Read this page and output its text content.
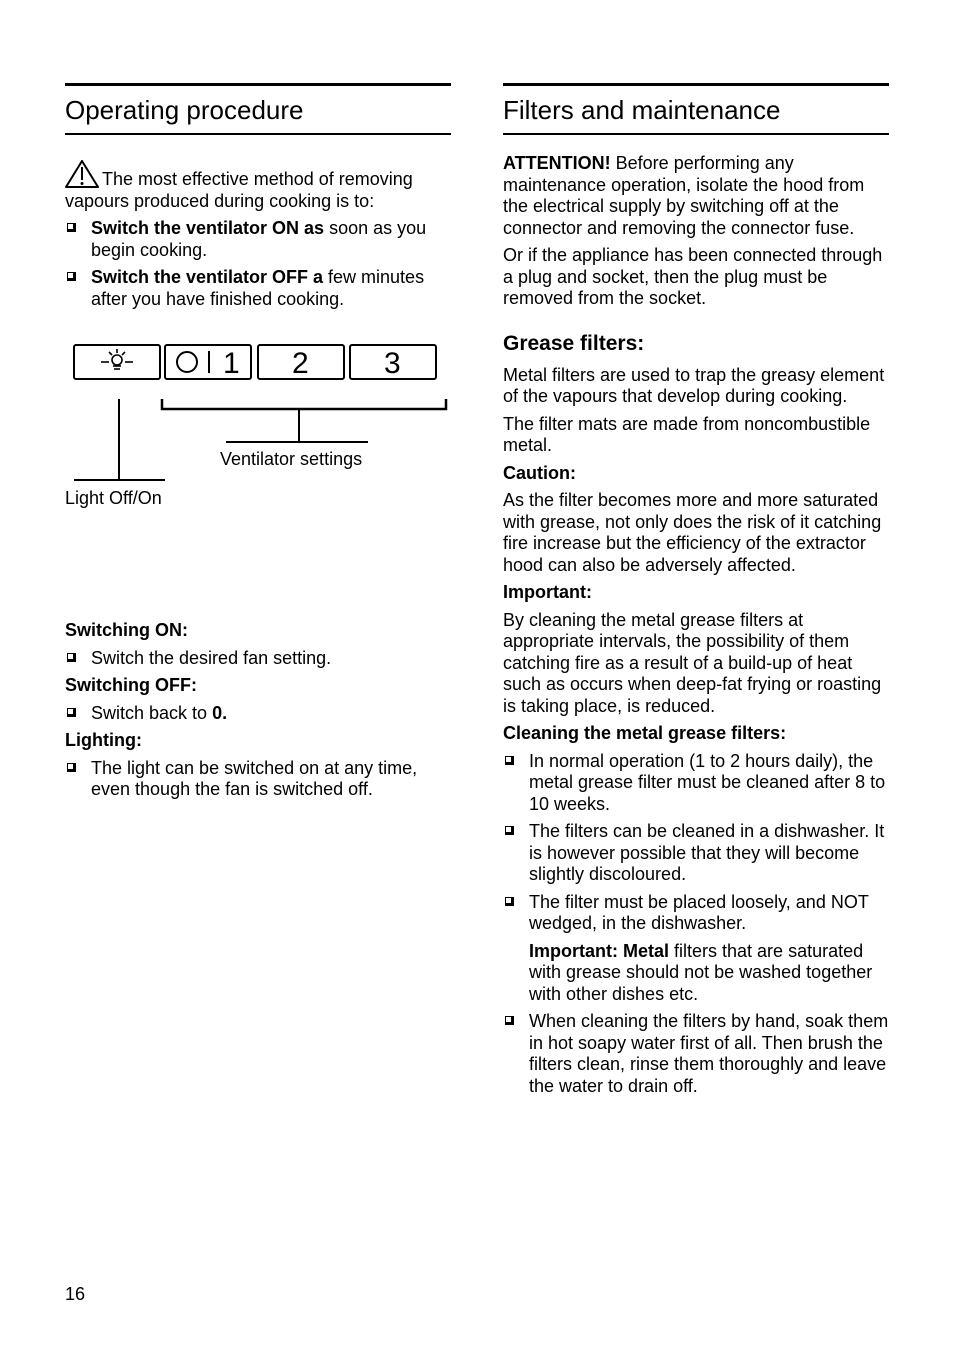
Operating procedure
The most effective method of removing vapours produced during cooking is to:
Switch the ventilator ON as soon as you begin cooking.
Switch the ventilator OFF a few minutes after you have finished cooking.
1 2	3
Ventilator settings
Light Off/On

Switching ON:

Switch the desired fan setting.

Switching OFF:

Switch back to 0.

Lighting:

The light can be switched on at any time, even though the fan is switched off.
Filters and maintenance

ATTENTION! Before performing any maintenance operation, isolate the hood from the electrical supply by switching off at the connector and removing the connector fuse.

Or if the appliance has been connected through a plug and socket, then the plug must be removed from the socket.

Grease filters:

Metal filters are used to trap the greasy element of the vapours that develop during cooking.

The filter mats are made from noncombustible metal.

Caution:

As the filter becomes more and more saturated with grease, not only does the risk of it catching fire increase but the efficiency of the extractor hood can also be adversely affected.

Important:

By cleaning the metal grease filters at appropriate intervals, the possibility of them catching fire as a result of a build-up of heat such as occurs when deep-fat frying or roasting is taking place, is reduced.

Cleaning the metal grease filters:

In normal operation (1 to 2 hours daily), the metal grease filter must be cleaned after 8 to 10 weeks.
The filters can be cleaned in a dishwasher. It is however possible that they will become slightly discoloured.
The filter must be placed loosely, and NOT wedged, in the dishwasher.
Important: Metal filters that are saturated with grease should not be washed together with other dishes etc.
When cleaning the filters by hand, soak them in hot soapy water first of all. Then brush the filters clean, rinse them thoroughly and leave the water to drain off.
16
